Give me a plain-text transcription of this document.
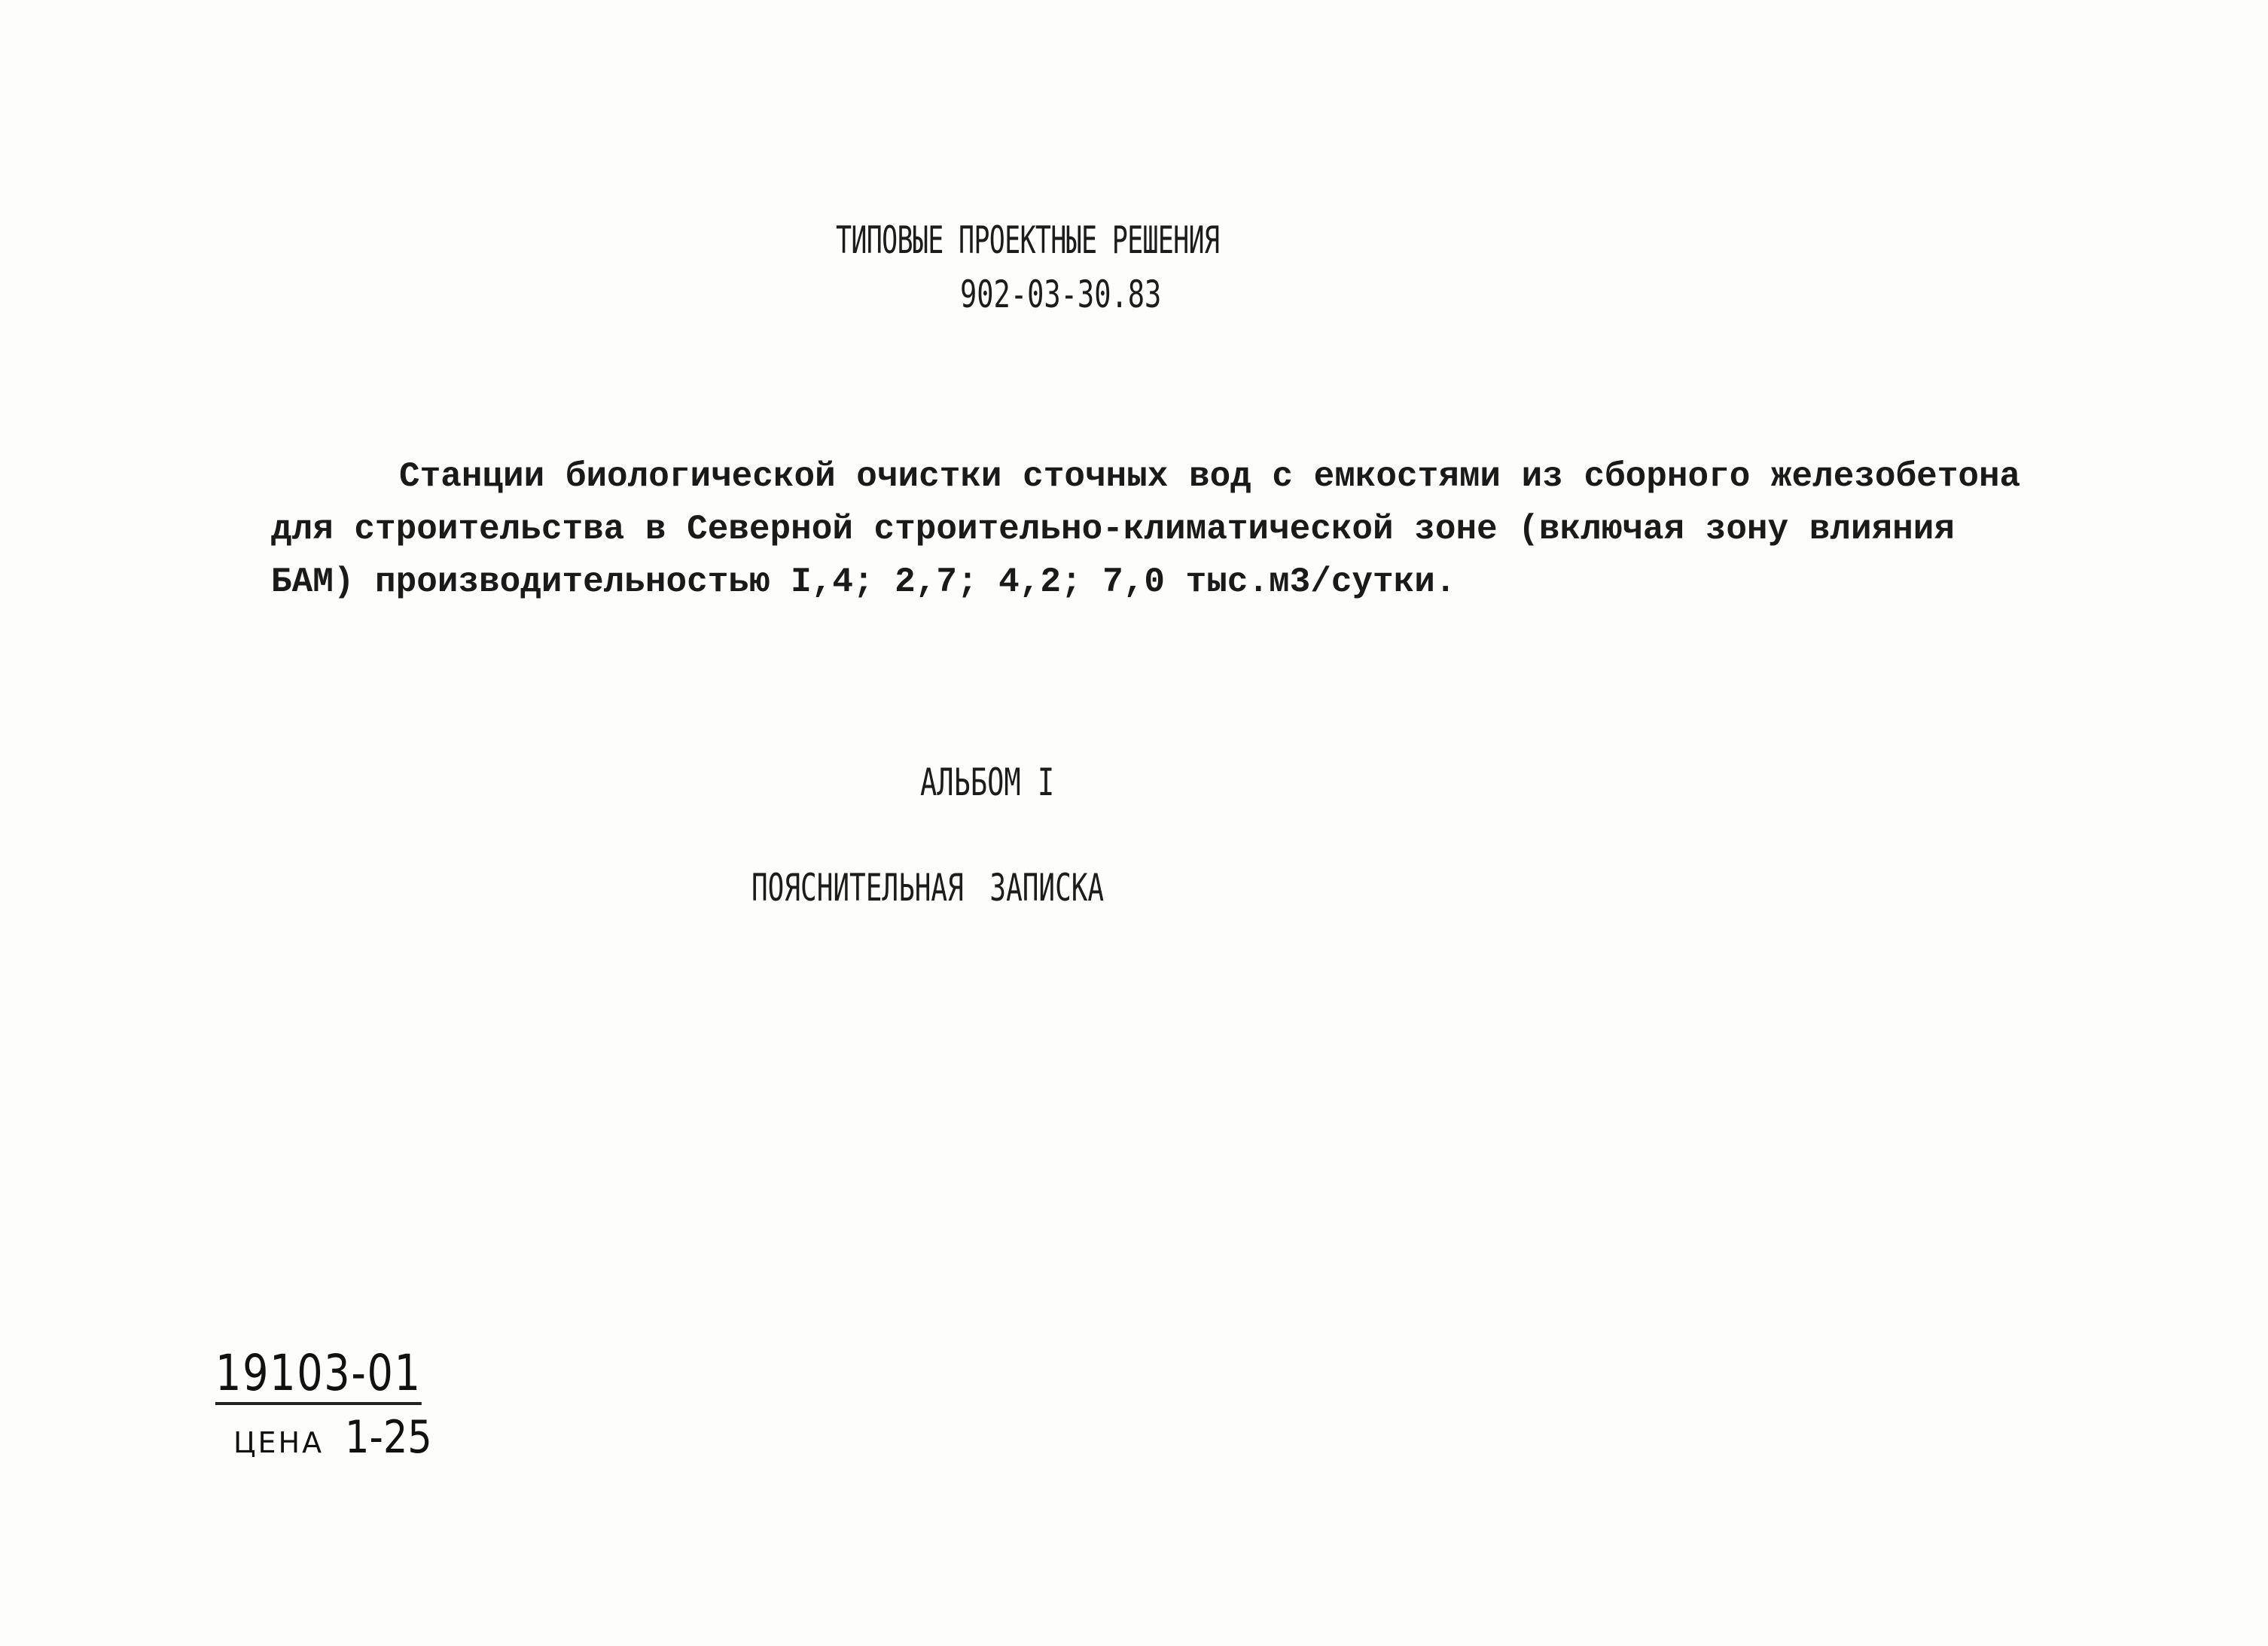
ТИПОВЫЕ ПРОЕКТНЫЕ РЕШЕНИЯ
902-03-30.83
Станции биологической очистки сточных вод с емкостями из сборного железобетона
для строительства в Северной строительно-климатической зоне (включая зону влияния
БАМ) производительностью I,4; 2,7; 4,2; 7,0 тыс.м3/сутки.
АЛЬБОМ I
ПОЯСНИТЕЛЬНАЯ ЗАПИСКА
19103-01
ЦЕНА 1-25
